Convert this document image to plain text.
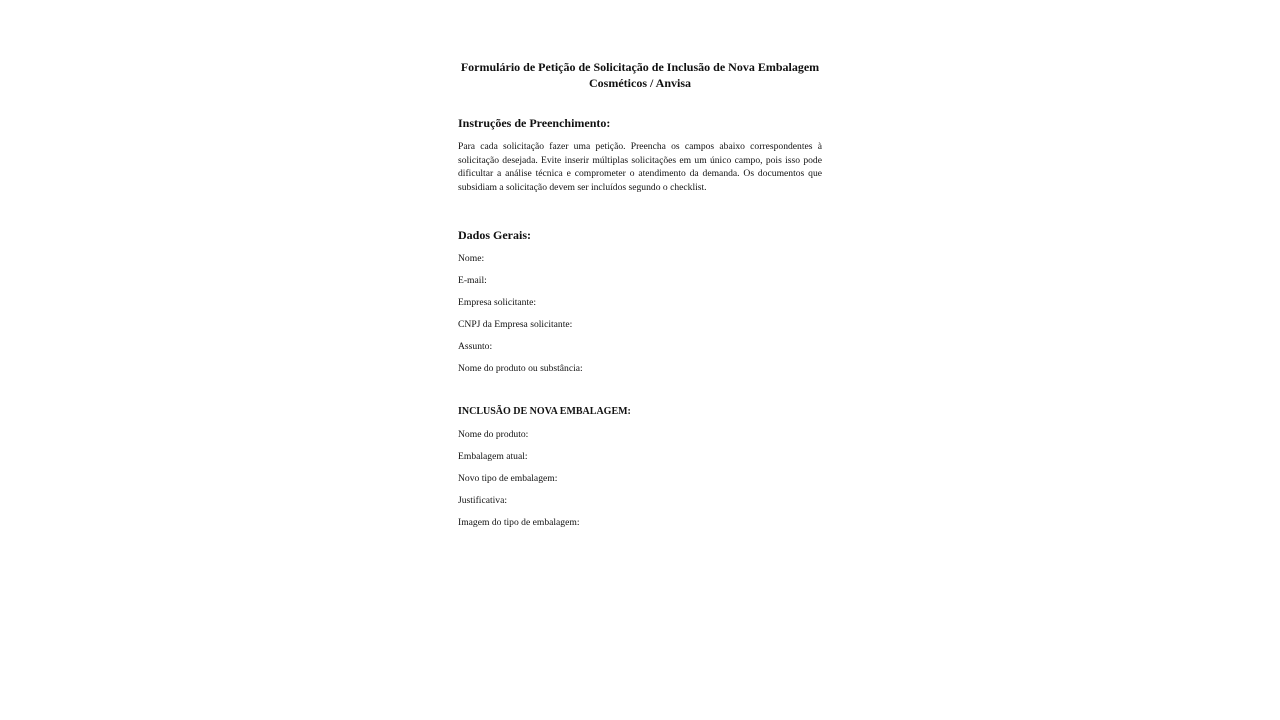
Formulário de Petição de Solicitação de Inclusão de Nova Embalagem
Cosméticos / Anvisa
Instruções de Preenchimento:
Para cada solicitação fazer uma petição. Preencha os campos abaixo correspondentes à solicitação desejada. Evite inserir múltiplas solicitações em um único campo, pois isso pode dificultar a análise técnica e comprometer o atendimento da demanda. Os documentos que subsidiam a solicitação devem ser incluídos segundo o checklist.
Dados Gerais:
Nome:
E-mail:
Empresa solicitante:
CNPJ da Empresa solicitante:
Assunto:
Nome do produto ou substância:
INCLUSÃO DE NOVA EMBALAGEM:
Nome do produto:
Embalagem atual:
Novo tipo de embalagem:
Justificativa:
Imagem do tipo de embalagem:
